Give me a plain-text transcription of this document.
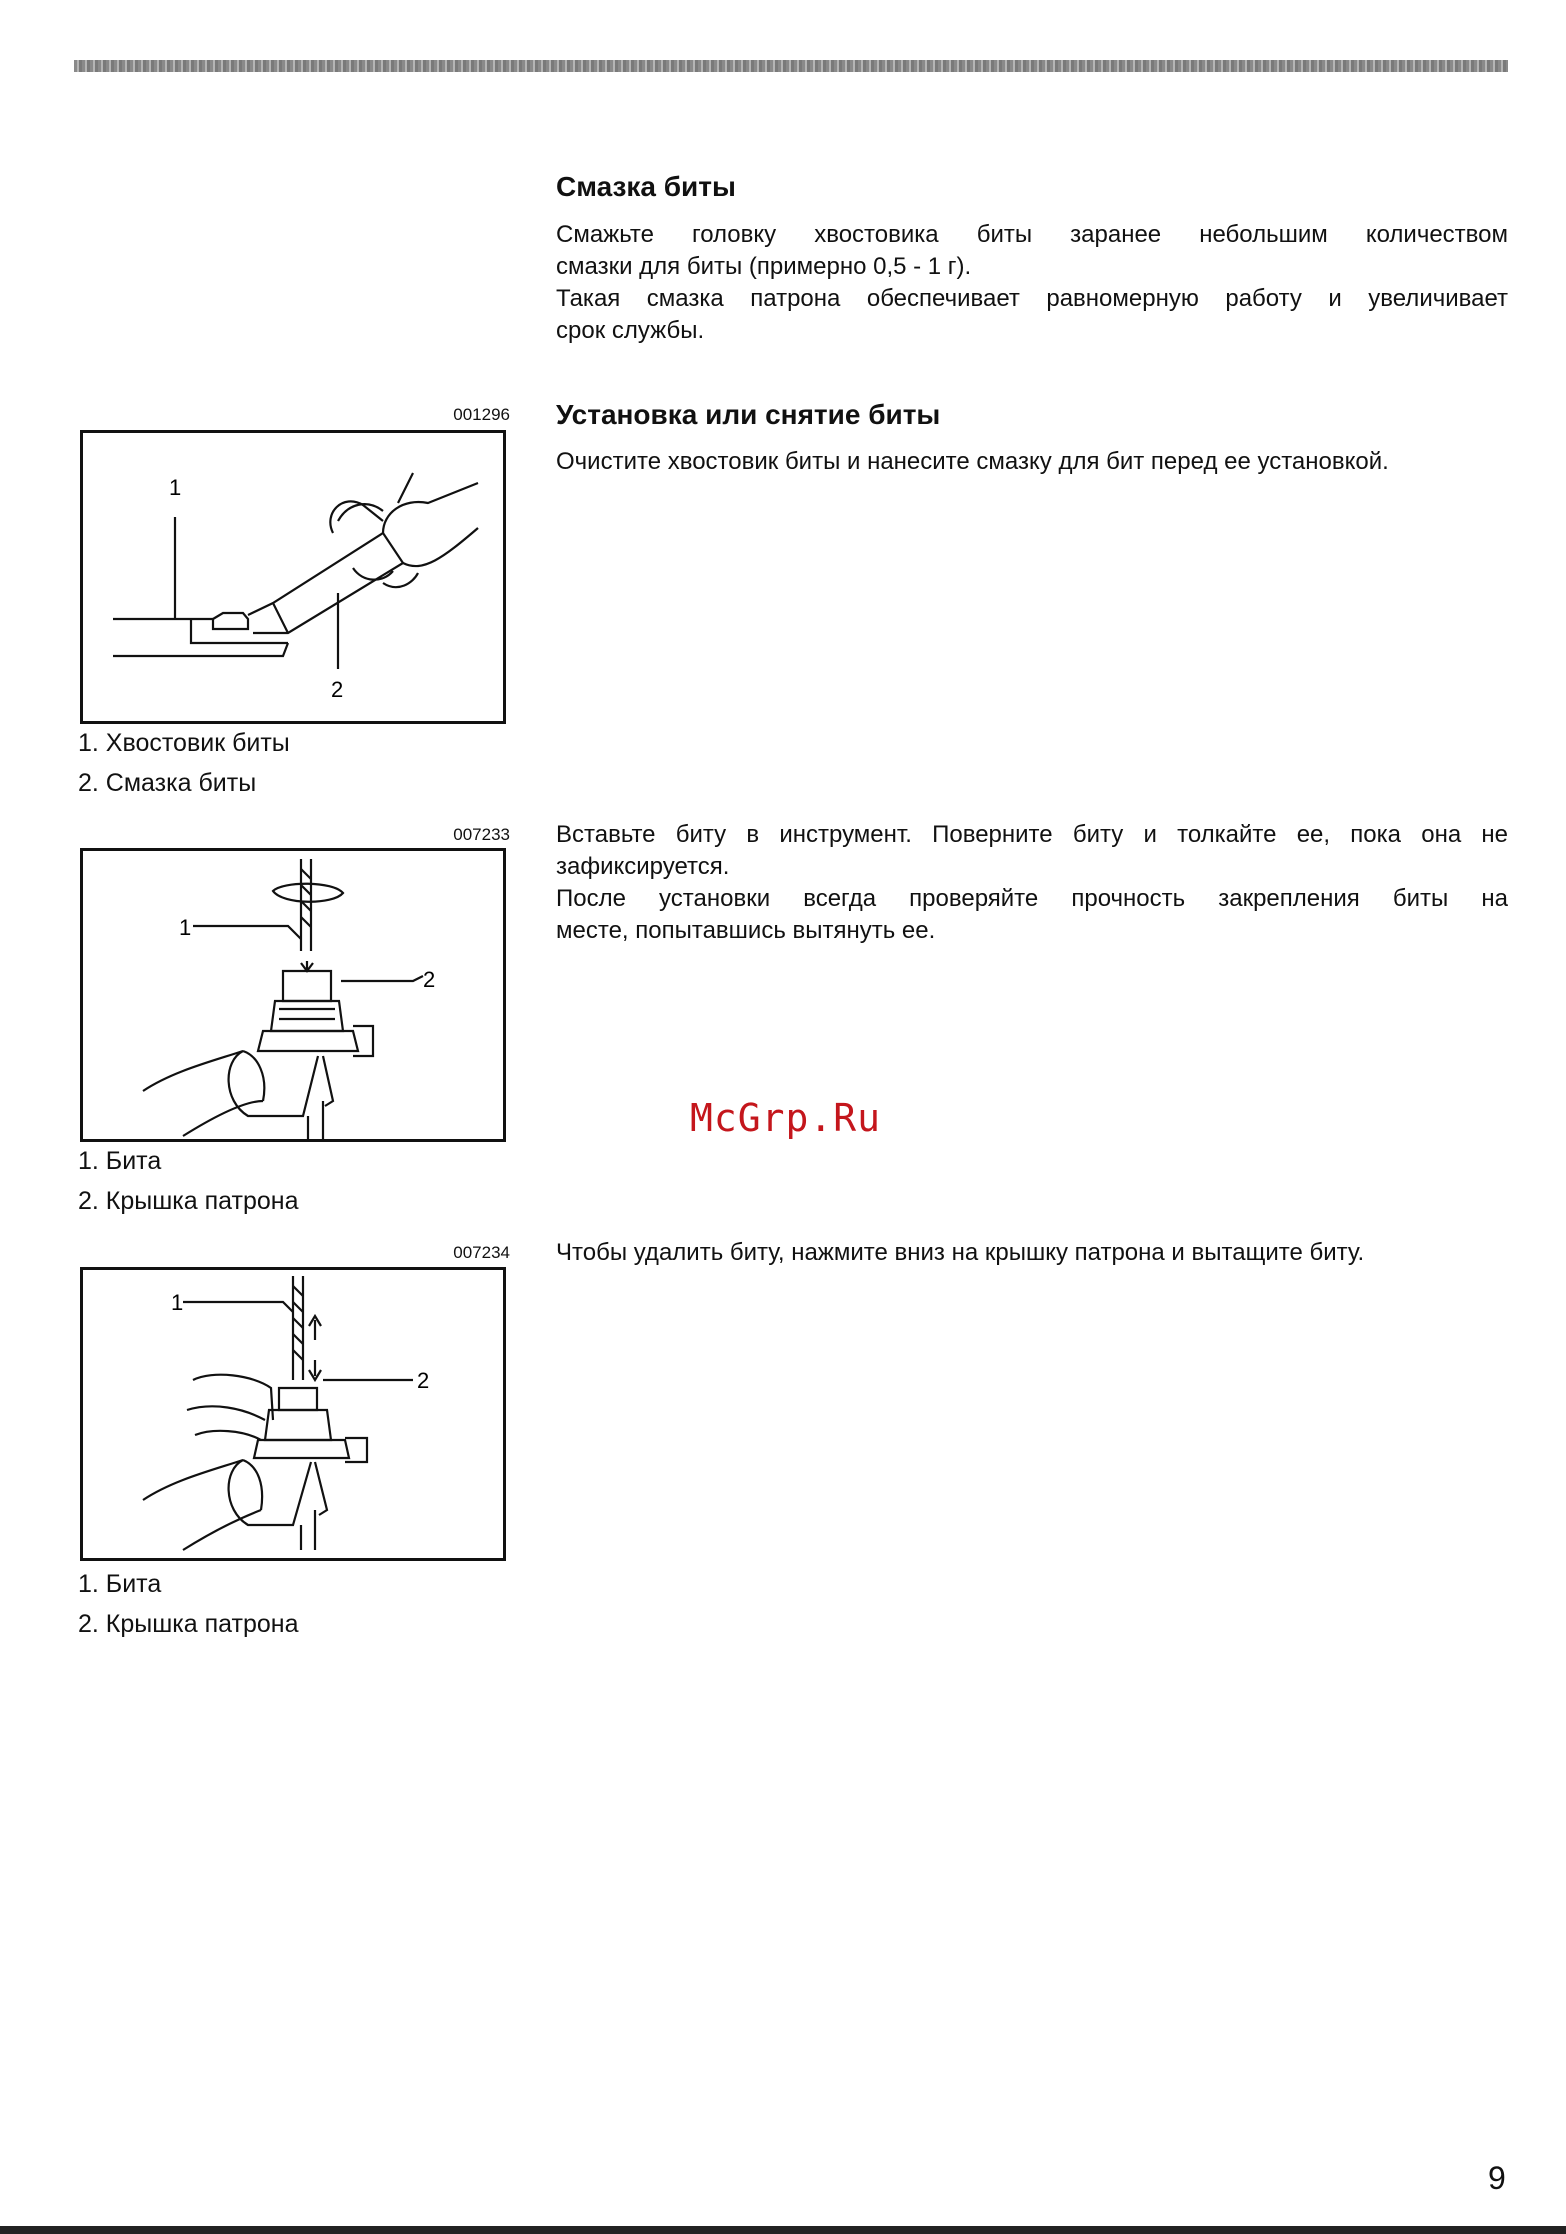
Смазка биты
Смажьте головку хвостовика биты заранее небольшим количеством
смазки для биты (примерно 0,5 - 1 г).
Такая смазка патрона обеспечивает равномерную работу и увеличивает
срок службы.
Установка или снятие биты
Очистите хвостовик биты и нанесите смазку для бит перед ее установкой.
001296
1
2
1. Хвостовик биты
2. Смазка биты
Вставьте биту в инструмент. Поверните биту и толкайте ее, пока она не
зафиксируется.
После установки всегда проверяйте прочность закрепления биты на
месте, попытавшись вытянуть ее.
007233
1
2
1. Бита
2. Крышка патрона
Чтобы удалить биту, нажмите вниз на крышку патрона и вытащите биту.
007234
1
2
1. Бита
2. Крышка патрона
McGrp.Ru
9
